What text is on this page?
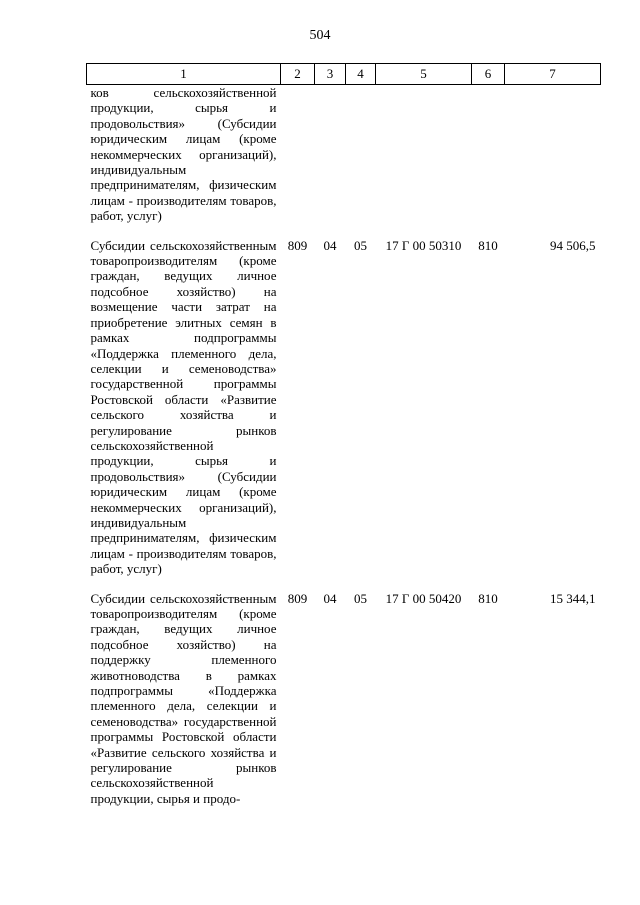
504
1	2	3	4	5	6	7
ков сельскохозяйственной продукции, сырья и продовольствия» (Субсидии юридическим лицам (кроме некоммерческих организаций), индивидуальным предпринимателям, физическим лицам - производителям товаров, работ, услуг)						
Субсидии сельскохозяйственным товаропроизводителям (кроме граждан, ведущих личное подсобное хозяйство) на возмещение части затрат на приобретение элитных семян в рамках подпрограммы «Поддержка племенного дела, селекции и семеноводства» государственной программы Ростовской области «Развитие сельского хозяйства и регулирование рынков сельскохозяйственной продукции, сырья и продовольствия» (Субсидии юридическим лицам (кроме некоммерческих организаций), индивидуальным предпринимателям, физическим лицам - производителям товаров, работ, услуг)	809	04	05	17 Г 00 50310	810	94 506,5
Субсидии сельскохозяйственным товаропроизводителям (кроме граждан, ведущих личное подсобное хозяйство) на поддержку племенного животноводства в рамках подпрограммы «Поддержка племенного дела, селекции и семеноводства» государственной программы Ростовской области «Развитие сельского хозяйства и регулирование рынков сельскохозяйственной продукции, сырья и продо-	809	04	05	17 Г 00 50420	810	15 344,1
